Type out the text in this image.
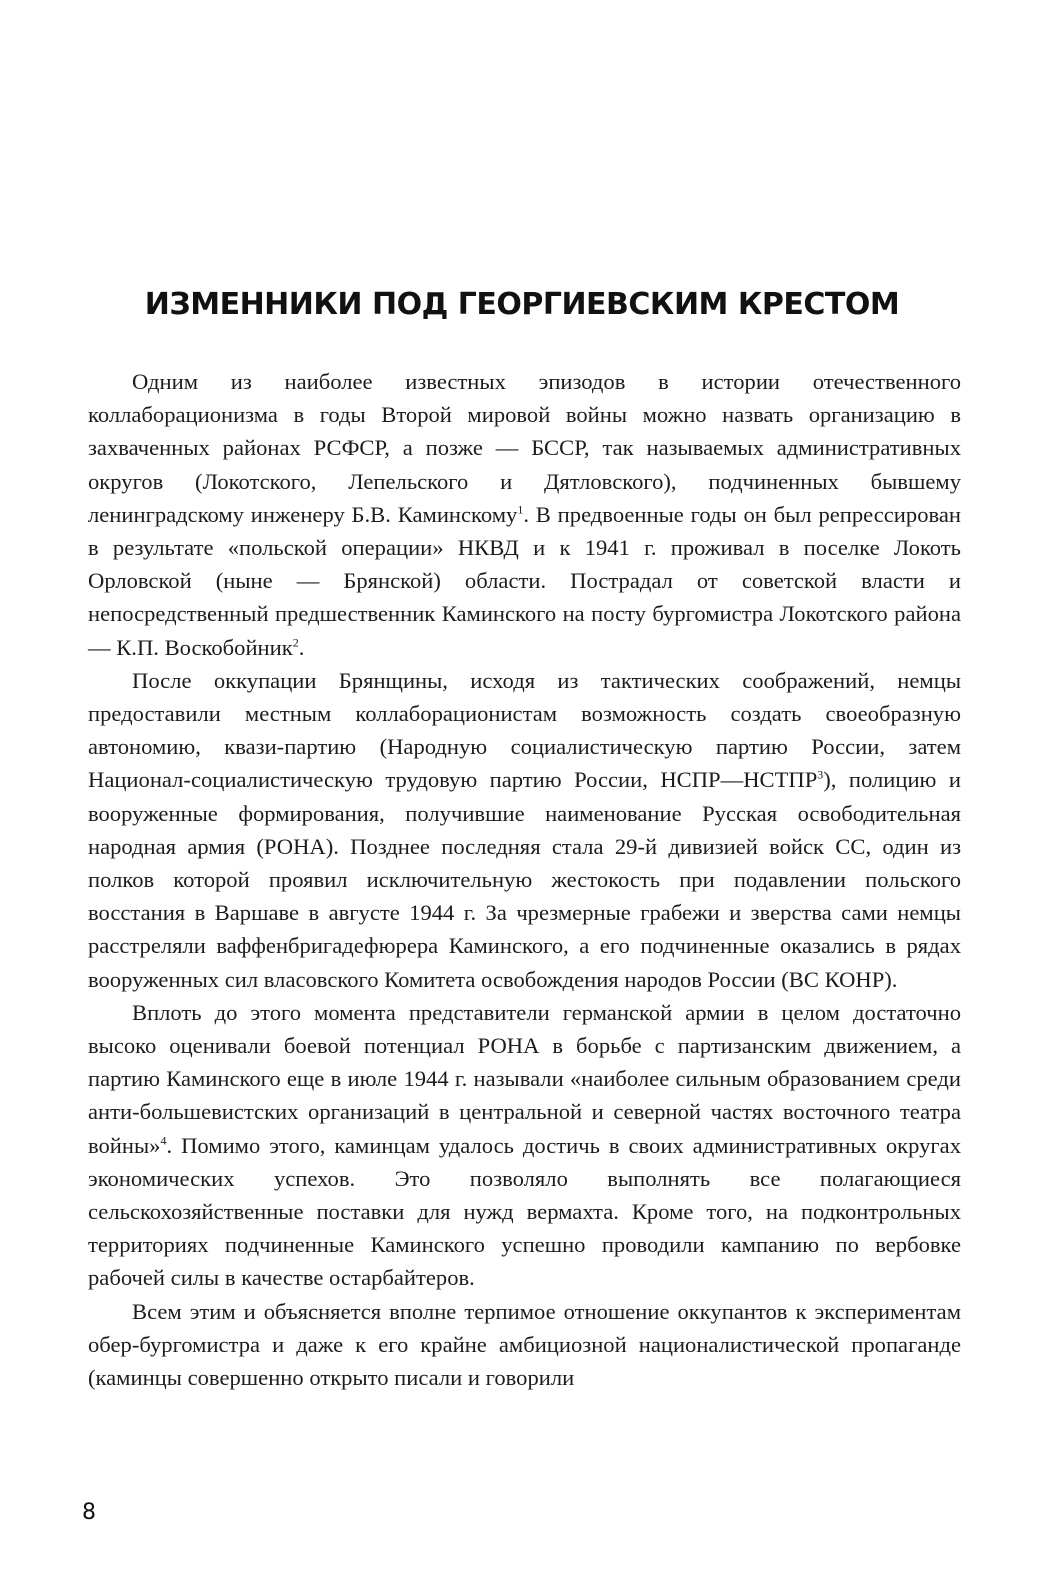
ИЗМЕННИКИ ПОД ГЕОРГИЕВСКИМ КРЕСТОМ

Одним из наиболее известных эпизодов в истории отечественного коллаборационизма в годы Второй мировой войны можно назвать организацию в захваченных районах РСФСР, а позже — БССР, так называемых административных округов (Локотского, Лепельского и Дятловского), подчиненных бывшему ленинградскому инженеру Б.В. Каминскому$^1$. В предвоенные годы он был репрессирован в результате «польской операции» НКВД и к 1941 г. проживал в поселке Локоть Орловской (ныне — Брянской) области. Пострадал от советской власти и непосредственный предшественник Каминского на посту бургомистра Локотского района — К.П. Воскобойник$^2$.

После оккупации Брянщины, исходя из тактических соображений, немцы предоставили местным коллаборационистам возможность создать своеобразную автономию, квази-партию (Народную социалистическую партию России, затем Национал-социалистическую трудовую партию России, НСПР—НСТПР$^3$), полицию и вооруженные формирования, получившие наименование Русская освободительная народная армия (РОНА). Позднее последняя стала 29-й дивизией войск СС, один из полков которой проявил исключительную жестокость при подавлении польского восстания в Варшаве в августе 1944 г. За чрезмерные грабежи и зверства сами немцы расстреляли ваффенбригадефюрера Каминского, а его подчиненные оказались в рядах вооруженных сил власовского Комитета освобождения народов России (ВС КОНР).

Вплоть до этого момента представители германской армии в целом достаточно высоко оценивали боевой потенциал РОНА в борьбе с партизанским движением, а партию Каминского еще в июле 1944 г. называли «наиболее сильным образованием среди анти-большевистских организаций в центральной и северной частях восточного театра войны»$^4$. Помимо этого, каминцам удалось достичь в своих административных округах экономических успехов. Это позволяло выполнять все полагающиеся сельскохозяйственные поставки для нужд вермахта. Кроме того, на подконтрольных территориях подчиненные Каминского успешно проводили кампанию по вербовке рабочей силы в качестве остарбайтеров.

Всем этим и объясняется вполне терпимое отношение оккупантов к экспериментам обер-бургомистра и даже к его крайне амбициозной националистической пропаганде (каминцы совершенно открыто писали и говорили

8
